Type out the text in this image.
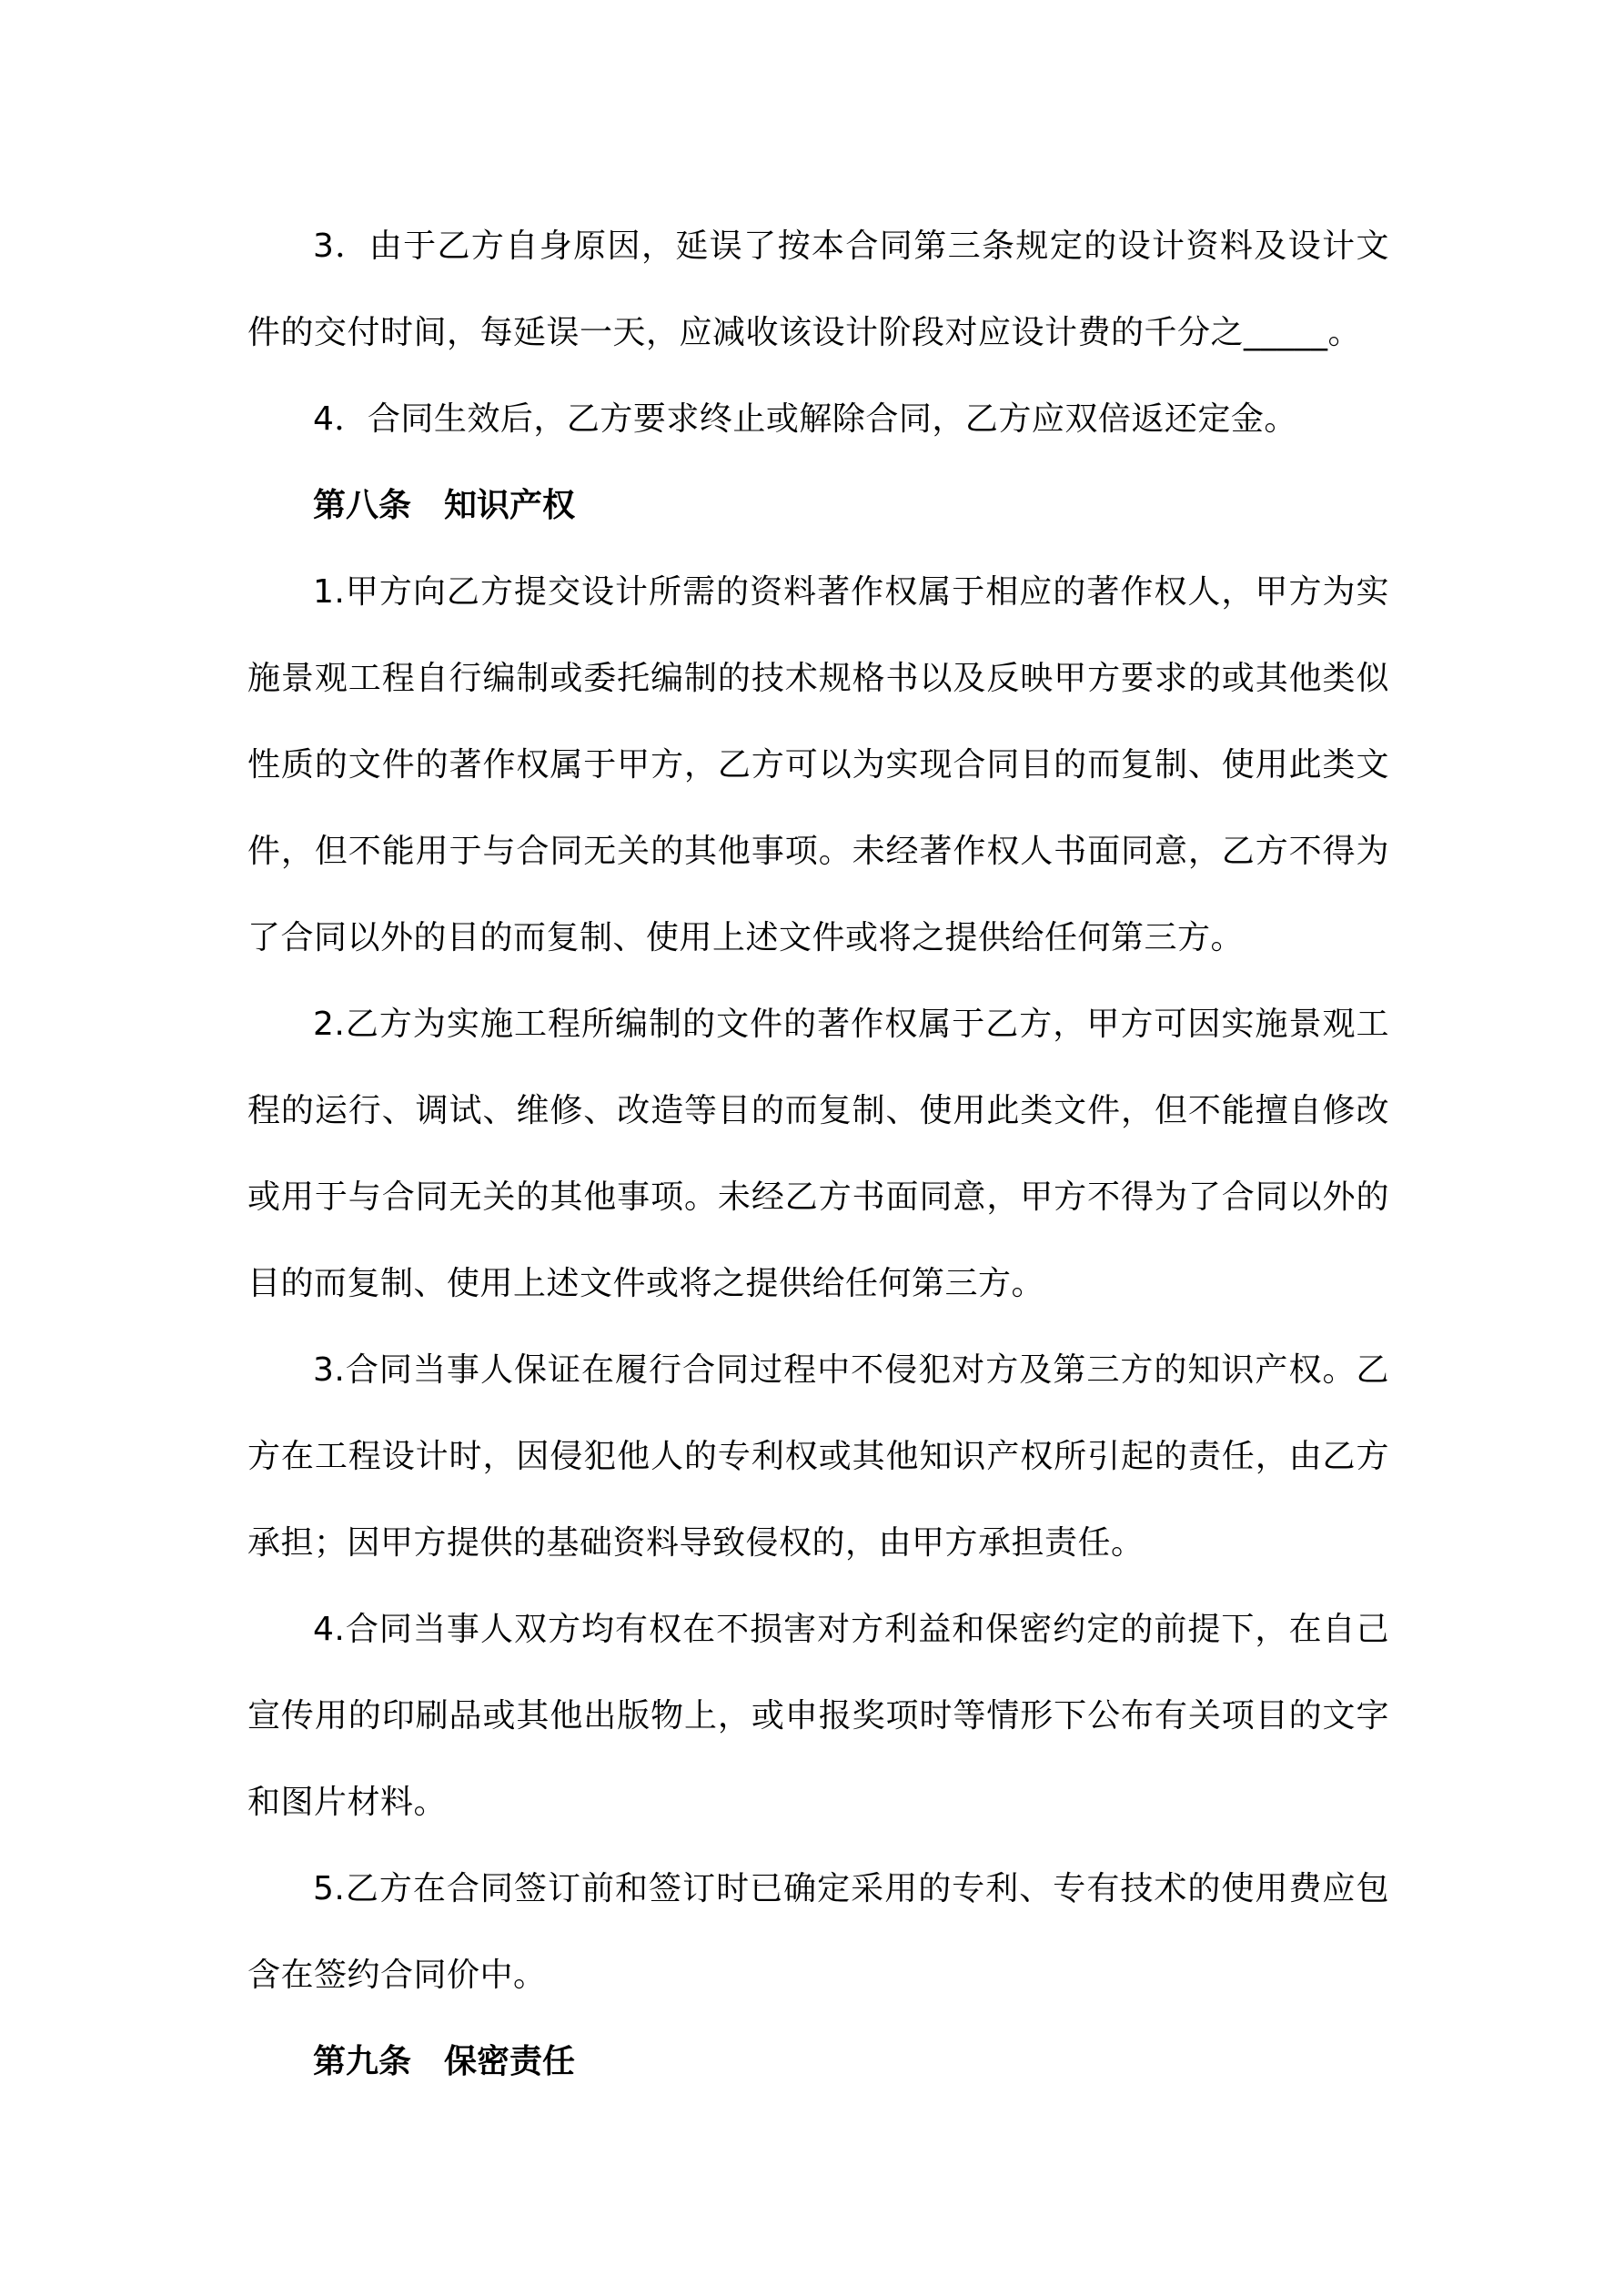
3．由于乙方自身原因，延误了按本合同第三条规定的设计资料及设计文件的交付时间，每延误一天，应减收该设计阶段对应设计费的千分之_____。

4．合同生效后，乙方要求终止或解除合同，乙方应双倍返还定金。

第八条　知识产权

1.甲方向乙方提交设计所需的资料著作权属于相应的著作权人，甲方为实施景观工程自行编制或委托编制的技术规格书以及反映甲方要求的或其他类似性质的文件的著作权属于甲方，乙方可以为实现合同目的而复制、使用此类文件，但不能用于与合同无关的其他事项。未经著作权人书面同意，乙方不得为了合同以外的目的而复制、使用上述文件或将之提供给任何第三方。

2.乙方为实施工程所编制的文件的著作权属于乙方，甲方可因实施景观工程的运行、调试、维修、改造等目的而复制、使用此类文件，但不能擅自修改或用于与合同无关的其他事项。未经乙方书面同意，甲方不得为了合同以外的目的而复制、使用上述文件或将之提供给任何第三方。

3.合同当事人保证在履行合同过程中不侵犯对方及第三方的知识产权。乙方在工程设计时，因侵犯他人的专利权或其他知识产权所引起的责任，由乙方承担；因甲方提供的基础资料导致侵权的，由甲方承担责任。

4.合同当事人双方均有权在不损害对方利益和保密约定的前提下，在自己宣传用的印刷品或其他出版物上，或申报奖项时等情形下公布有关项目的文字和图片材料。

5.乙方在合同签订前和签订时已确定采用的专利、专有技术的使用费应包含在签约合同价中。

第九条　保密责任
